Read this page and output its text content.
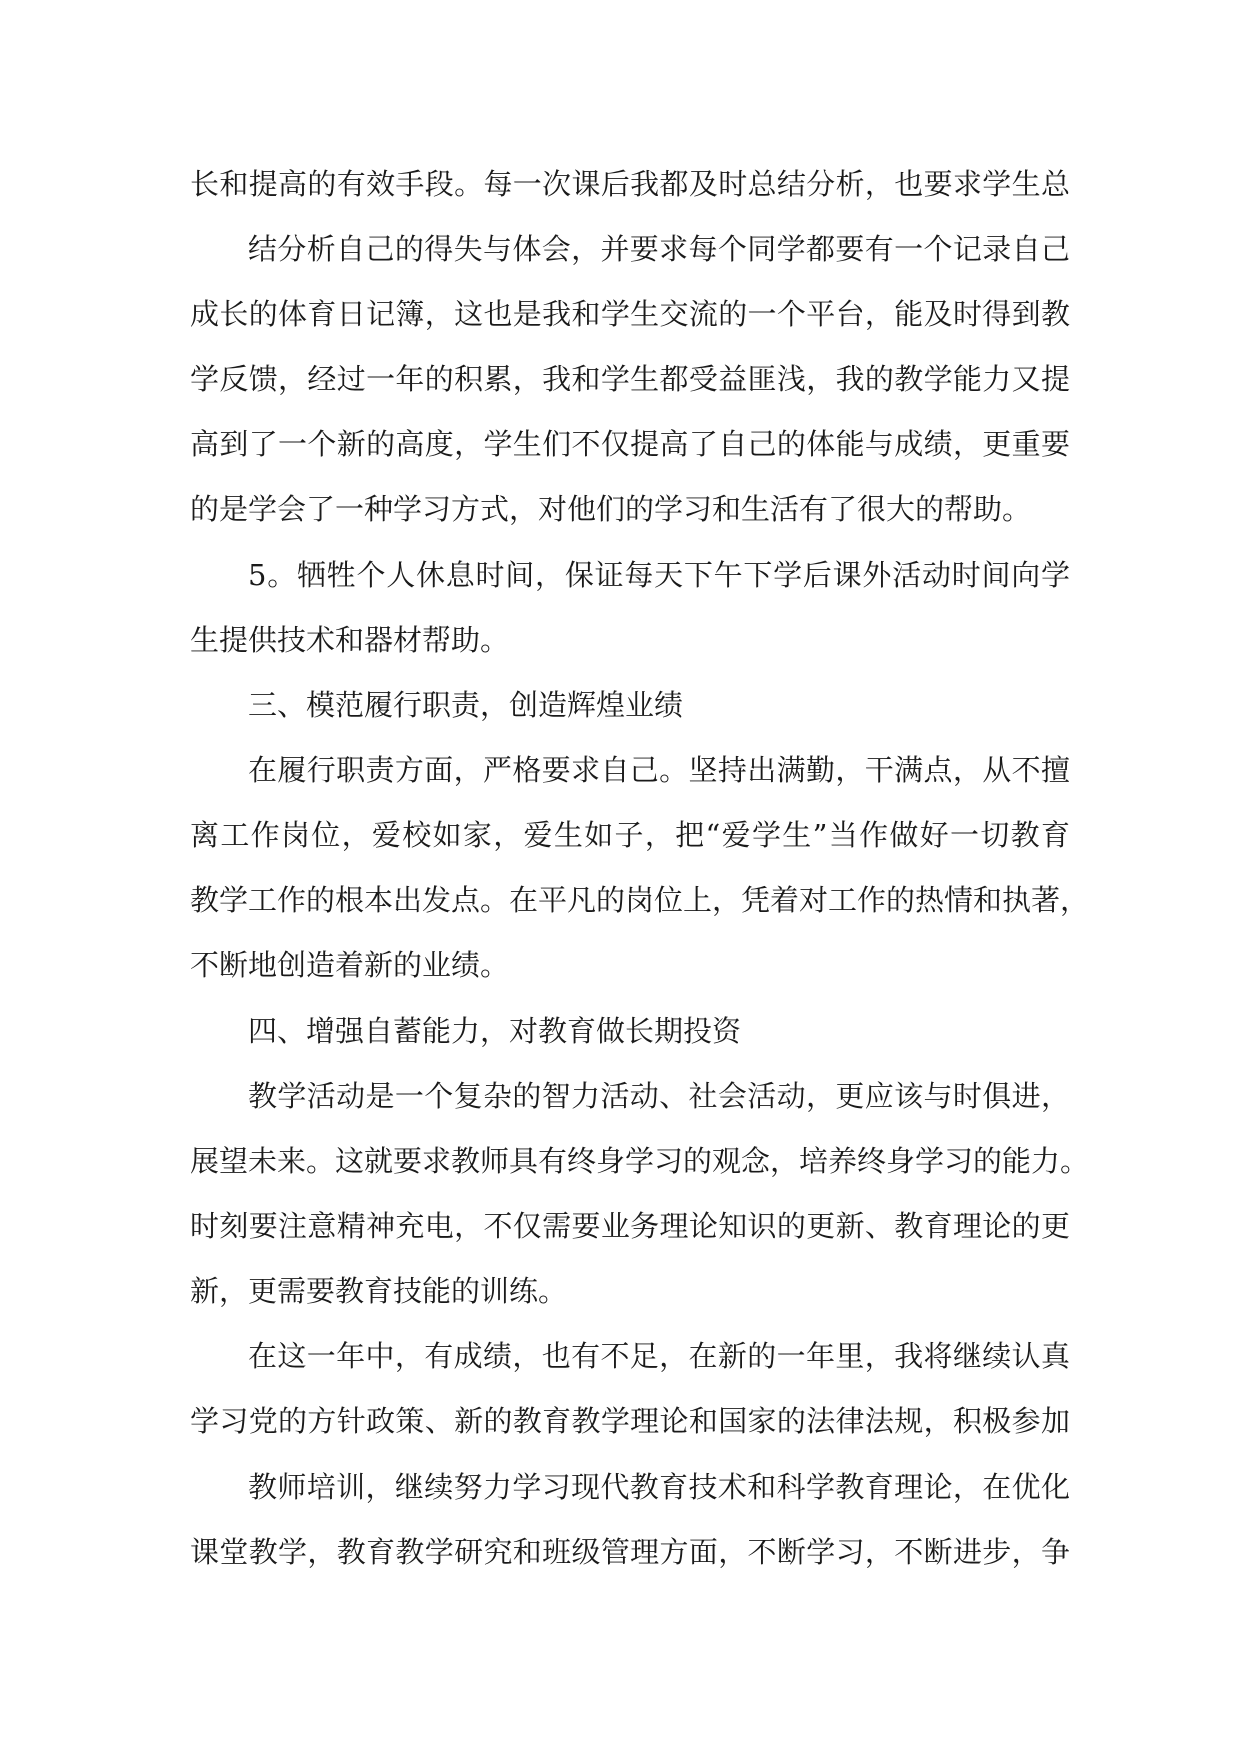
长和提高的有效手段。每一次课后我都及时总结分析，也要求学生总
结分析自己的得失与体会，并要求每个同学都要有一个记录自己
成长的体育日记簿，这也是我和学生交流的一个平台，能及时得到教
学反馈，经过一年的积累，我和学生都受益匪浅，我的教学能力又提
高到了一个新的高度，学生们不仅提高了自己的体能与成绩，更重要
的是学会了一种学习方式，对他们的学习和生活有了很大的帮助。
5。牺牲个人休息时间，保证每天下午下学后课外活动时间向学
生提供技术和器材帮助。
三、模范履行职责，创造辉煌业绩
在履行职责方面，严格要求自己。坚持出满勤，干满点，从不擅
离工作岗位，爱校如家，爱生如子，把“爱学生”当作做好一切教育
教学工作的根本出发点。在平凡的岗位上，凭着对工作的热情和执著，
不断地创造着新的业绩。
四、增强自蓄能力，对教育做长期投资
教学活动是一个复杂的智力活动、社会活动，更应该与时俱进，
展望未来。这就要求教师具有终身学习的观念，培养终身学习的能力。
时刻要注意精神充电，不仅需要业务理论知识的更新、教育理论的更
新，更需要教育技能的训练。
在这一年中，有成绩，也有不足，在新的一年里，我将继续认真
学习党的方针政策、新的教育教学理论和国家的法律法规，积极参加
教师培训，继续努力学习现代教育技术和科学教育理论，在优化
课堂教学，教育教学研究和班级管理方面，不断学习，不断进步，争
